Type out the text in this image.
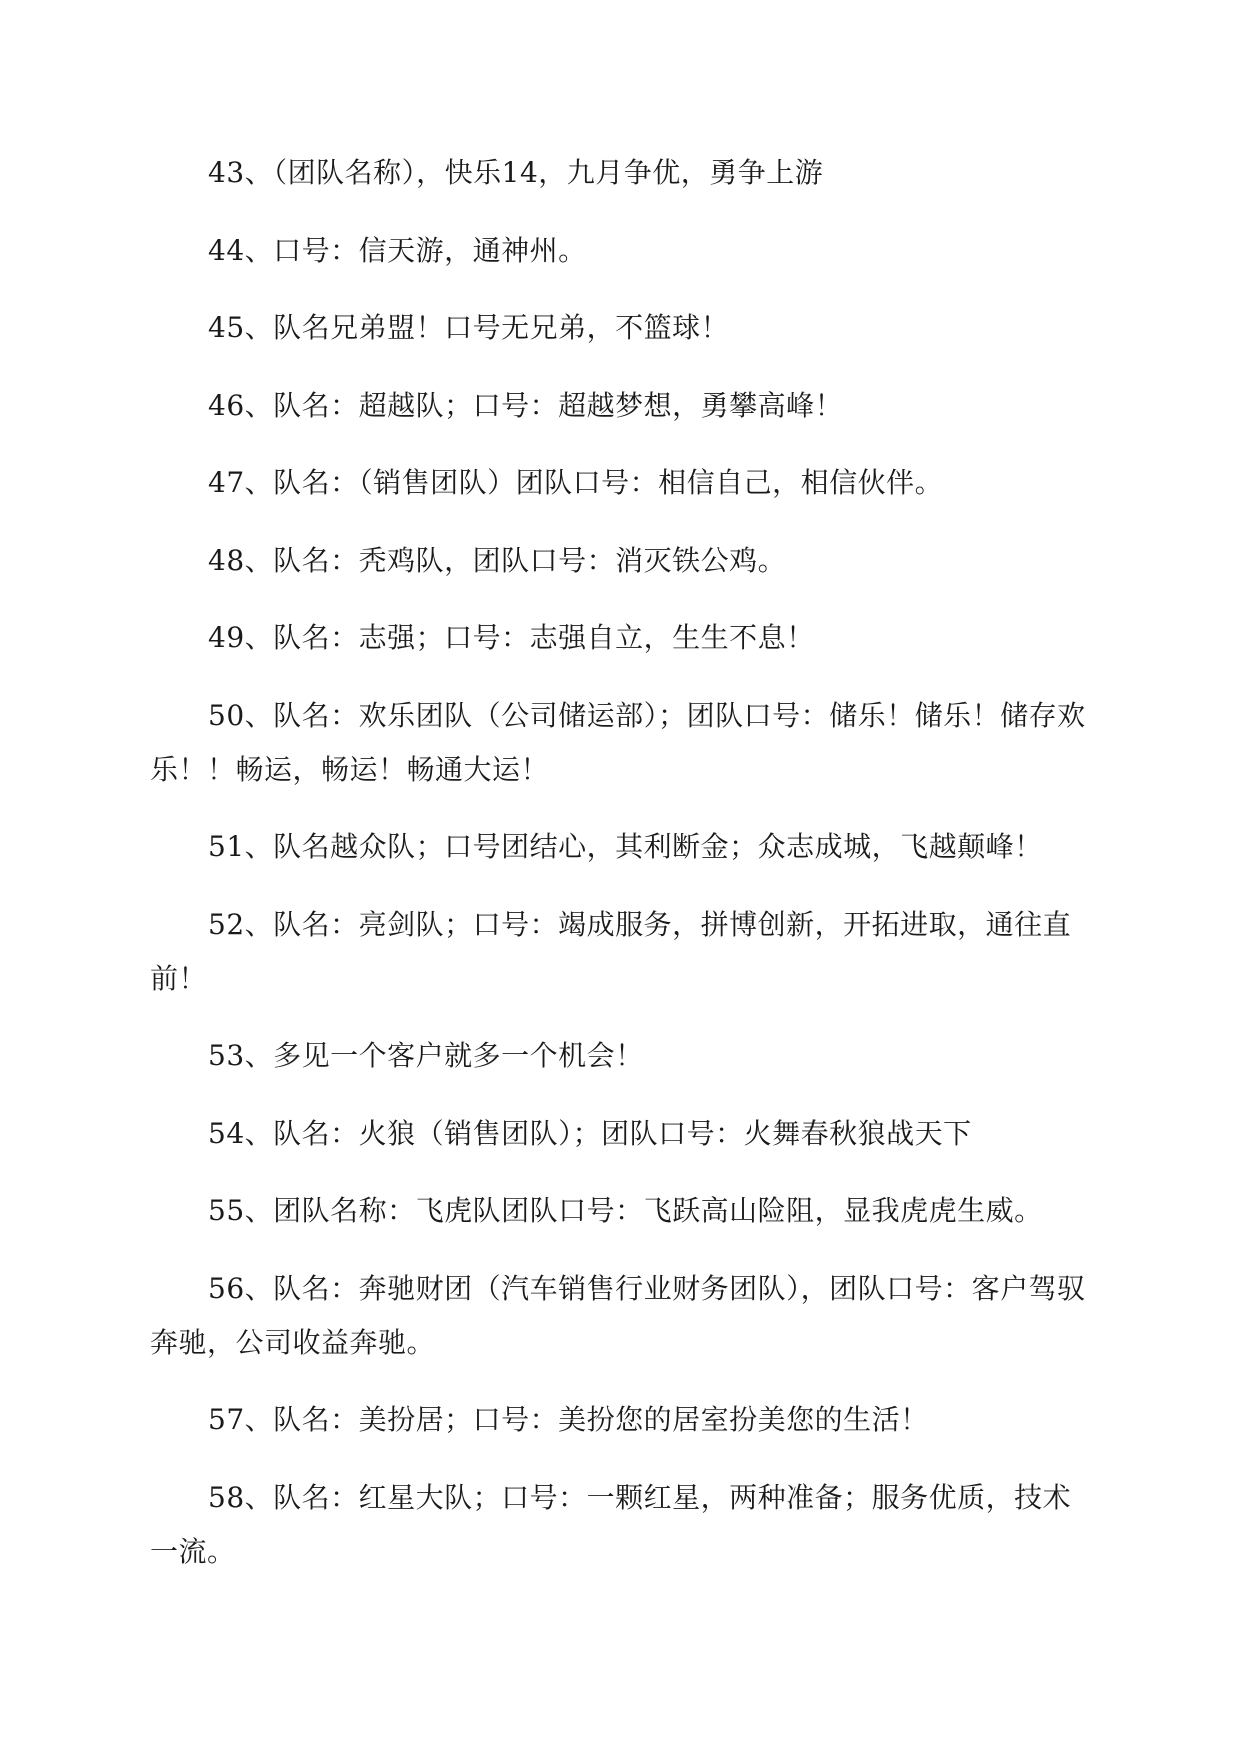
43、（团队名称），快乐14，九月争优，勇争上游

44、口号：信天游，通神州。

45、队名兄弟盟！口号无兄弟，不篮球！

46、队名：超越队；口号：超越梦想，勇攀高峰！

47、队名：（销售团队）团队口号：相信自己，相信伙伴。

48、队名：秃鸡队，团队口号：消灭铁公鸡。

49、队名：志强；口号：志强自立，生生不息！

50、队名：欢乐团队（公司储运部）；团队口号：储乐！储乐！储存欢乐！！畅运，畅运！畅通大运！

51、队名越众队；口号团结心，其利断金；众志成城，飞越颠峰！

52、队名：亮剑队；口号：竭成服务，拼博创新，开拓进取，通往直前！

53、多见一个客户就多一个机会！

54、队名：火狼（销售团队）；团队口号：火舞春秋狼战天下

55、团队名称：飞虎队团队口号：飞跃高山险阻，显我虎虎生威。

56、队名：奔驰财团（汽车销售行业财务团队），团队口号：客户驾驭奔驰，公司收益奔驰。

57、队名：美扮居；口号：美扮您的居室扮美您的生活！

58、队名：红星大队；口号：一颗红星，两种准备；服务优质，技术一流。
